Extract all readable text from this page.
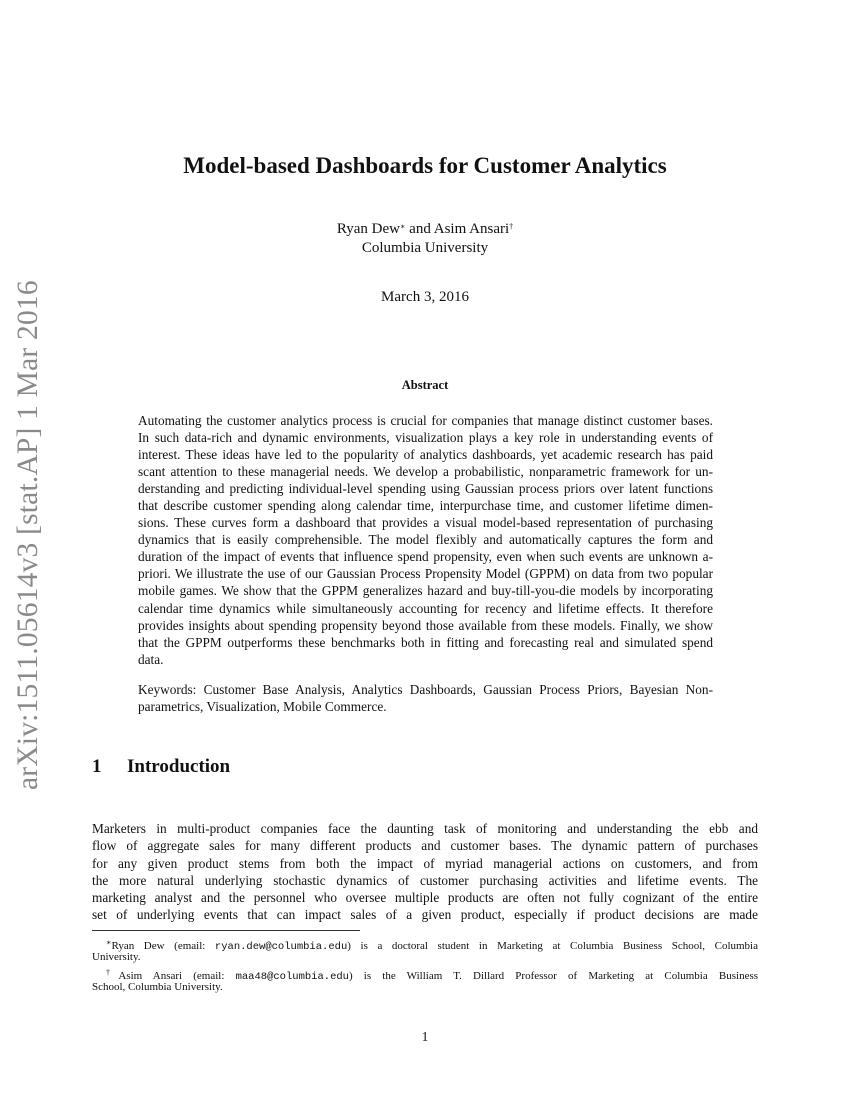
arXiv:1511.05614v3 [stat.AP] 1 Mar 2016
Model-based Dashboards for Customer Analytics
Ryan Dew∗ and Asim Ansari†
Columbia University
March 3, 2016
Abstract
Automating the customer analytics process is crucial for companies that manage distinct customer bases.
In such data-rich and dynamic environments, visualization plays a key role in understanding events of
interest. These ideas have led to the popularity of analytics dashboards, yet academic research has paid
scant attention to these managerial needs. We develop a probabilistic, nonparametric framework for un-
derstanding and predicting individual-level spending using Gaussian process priors over latent functions
that describe customer spending along calendar time, interpurchase time, and customer lifetime dimen-
sions. These curves form a dashboard that provides a visual model-based representation of purchasing
dynamics that is easily comprehensible. The model flexibly and automatically captures the form and
duration of the impact of events that influence spend propensity, even when such events are unknown a-
priori. We illustrate the use of our Gaussian Process Propensity Model (GPPM) on data from two popular
mobile games. We show that the GPPM generalizes hazard and buy-till-you-die models by incorporating
calendar time dynamics while simultaneously accounting for recency and lifetime effects. It therefore
provides insights about spending propensity beyond those available from these models. Finally, we show
that the GPPM outperforms these benchmarks both in fitting and forecasting real and simulated spend
data.
Keywords: Customer Base Analysis, Analytics Dashboards, Gaussian Process Priors, Bayesian Non-
parametrics, Visualization, Mobile Commerce.
1 Introduction
Marketers in multi-product companies face the daunting task of monitoring and understanding the ebb and
flow of aggregate sales for many different products and customer bases. The dynamic pattern of purchases
for any given product stems from both the impact of myriad managerial actions on customers, and from
the more natural underlying stochastic dynamics of customer purchasing activities and lifetime events. The
marketing analyst and the personnel who oversee multiple products are often not fully cognizant of the entire
set of underlying events that can impact sales of a given product, especially if product decisions are made
∗Ryan Dew (email: ryan.dew@columbia.edu) is a doctoral student in Marketing at Columbia Business School, Columbia
University.
†Asim Ansari (email: maa48@columbia.edu) is the William T. Dillard Professor of Marketing at Columbia Business
School, Columbia University.
1
